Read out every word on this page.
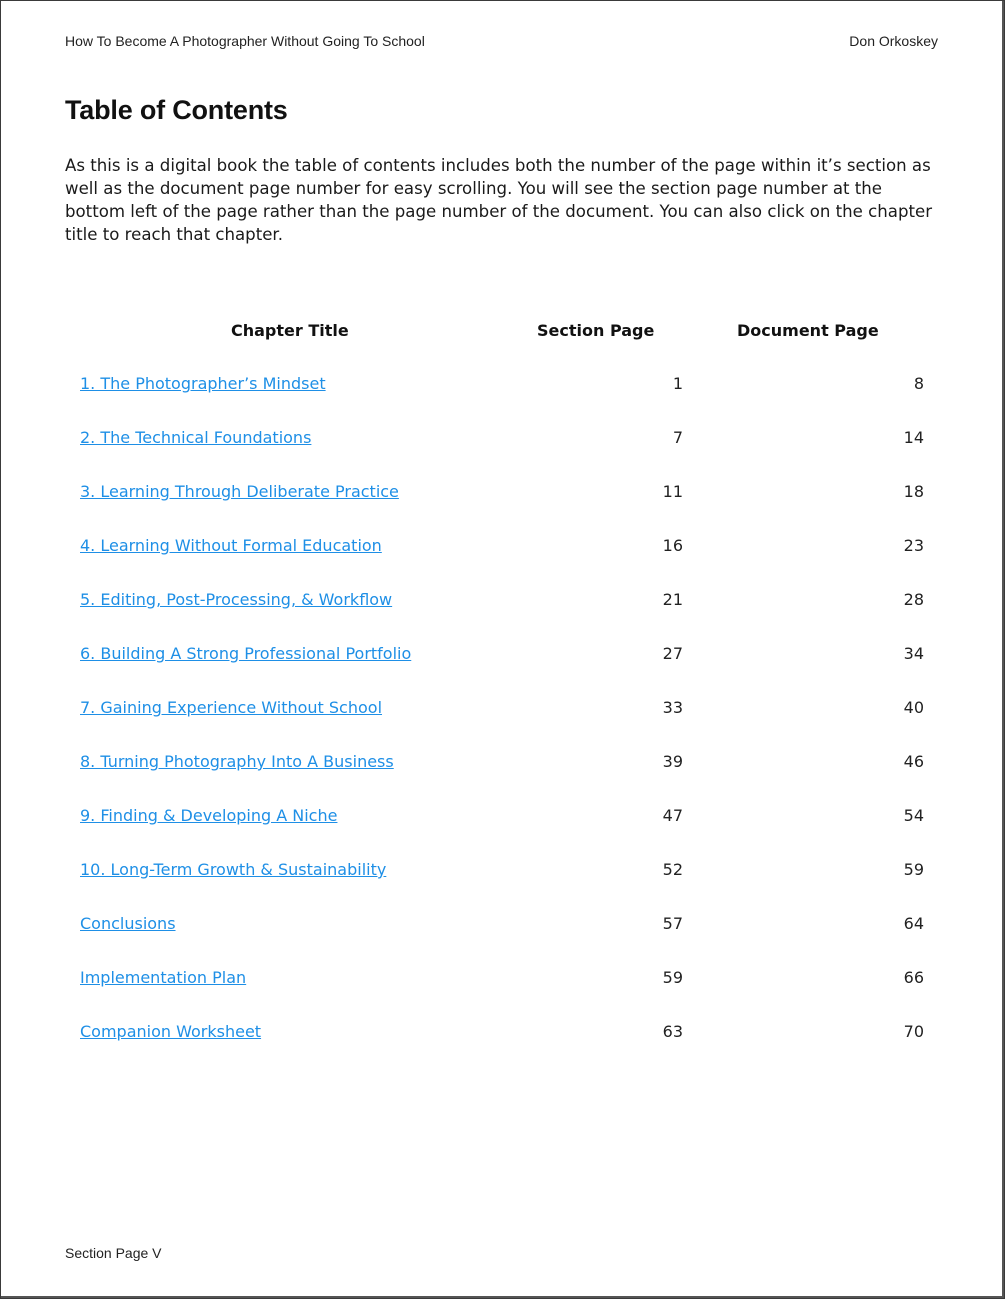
How To Become A Photographer Without Going To School	Don Orkoskey
Table of Contents

As this is a digital book the table of contents includes both the number of the page within it’s section as well as the document page number for easy scrolling. You will see the section page number at the bottom left of the page rather than the page number of the document. You can also click on the chapter title to reach that chapter.

Chapter Title	Section Page	Document Page
1. The Photographer’s Mindset	1	8
2. The Technical Foundations	7	14
3. Learning Through Deliberate Practice	11	18
4. Learning Without Formal Education	16	23
5. Editing, Post-Processing, & Workflow	21	28
6. Building A Strong Professional Portfolio	27	34
7. Gaining Experience Without School	33	40
8. Turning Photography Into A Business	39	46
9. Finding & Developing A Niche	47	54
10. Long-Term Growth & Sustainability	52	59
Conclusions	57	64
Implementation Plan	59	66
Companion Worksheet	63	70
Section Page V
